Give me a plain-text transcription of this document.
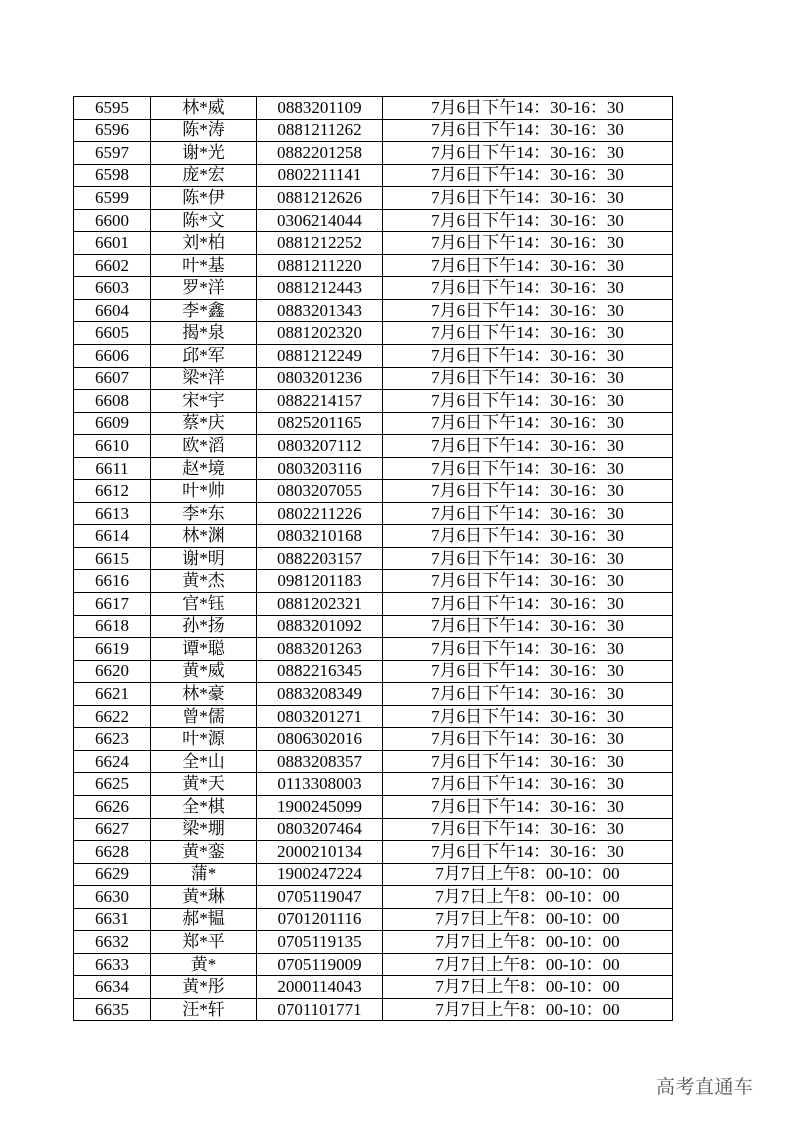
6595	林*威	0883201109	7月6日下午14：30-16：30
6596	陈*涛	0881211262	7月6日下午14：30-16：30
6597	谢*光	0882201258	7月6日下午14：30-16：30
6598	庞*宏	0802211141	7月6日下午14：30-16：30
6599	陈*伊	0881212626	7月6日下午14：30-16：30
6600	陈*文	0306214044	7月6日下午14：30-16：30
6601	刘*柏	0881212252	7月6日下午14：30-16：30
6602	叶*基	0881211220	7月6日下午14：30-16：30
6603	罗*洋	0881212443	7月6日下午14：30-16：30
6604	李*鑫	0883201343	7月6日下午14：30-16：30
6605	揭*泉	0881202320	7月6日下午14：30-16：30
6606	邱*军	0881212249	7月6日下午14：30-16：30
6607	梁*洋	0803201236	7月6日下午14：30-16：30
6608	宋*宇	0882214157	7月6日下午14：30-16：30
6609	蔡*庆	0825201165	7月6日下午14：30-16：30
6610	欧*滔	0803207112	7月6日下午14：30-16：30
6611	赵*境	0803203116	7月6日下午14：30-16：30
6612	叶*帅	0803207055	7月6日下午14：30-16：30
6613	李*东	0802211226	7月6日下午14：30-16：30
6614	林*渊	0803210168	7月6日下午14：30-16：30
6615	谢*明	0882203157	7月6日下午14：30-16：30
6616	黄*杰	0981201183	7月6日下午14：30-16：30
6617	官*钰	0881202321	7月6日下午14：30-16：30
6618	孙*扬	0883201092	7月6日下午14：30-16：30
6619	谭*聪	0883201263	7月6日下午14：30-16：30
6620	黄*威	0882216345	7月6日下午14：30-16：30
6621	林*豪	0883208349	7月6日下午14：30-16：30
6622	曾*儒	0803201271	7月6日下午14：30-16：30
6623	叶*源	0806302016	7月6日下午14：30-16：30
6624	全*山	0883208357	7月6日下午14：30-16：30
6625	黄*天	0113308003	7月6日下午14：30-16：30
6626	全*棋	1900245099	7月6日下午14：30-16：30
6627	梁*堋	0803207464	7月6日下午14：30-16：30
6628	黄*銮	2000210134	7月6日下午14：30-16：30
6629	蒲*	1900247224	7月7日上午8：00-10：00
6630	黄*琳	0705119047	7月7日上午8：00-10：00
6631	郝*韫	0701201116	7月7日上午8：00-10：00
6632	郑*平	0705119135	7月7日上午8：00-10：00
6633	黄*	0705119009	7月7日上午8：00-10：00
6634	黄*彤	2000114043	7月7日上午8：00-10：00
6635	汪*轩	0701101771	7月7日上午8：00-10：00
高考直通车
